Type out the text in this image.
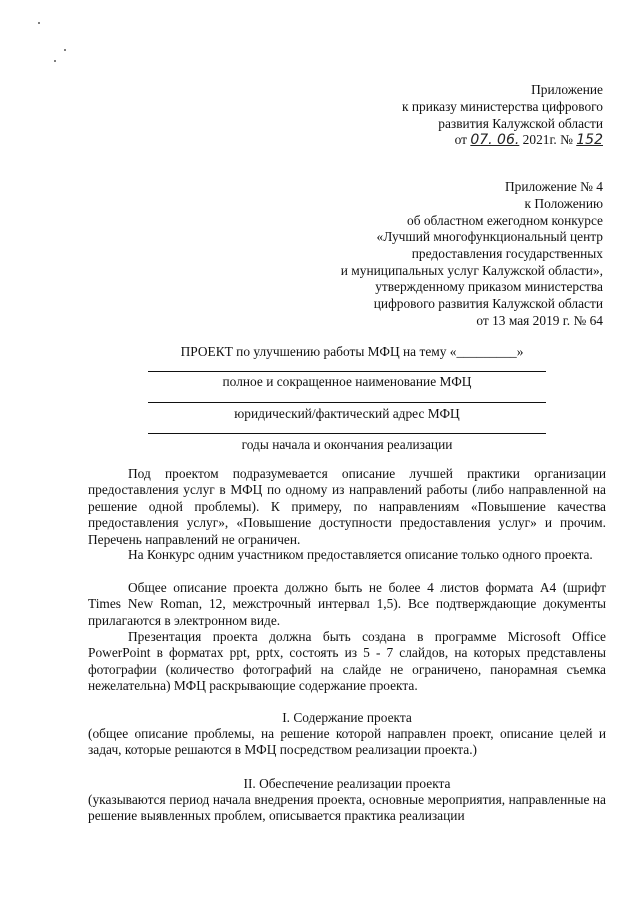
Приложение
к приказу министерства цифрового
развития Калужской области
от 07. 06. 2021г. № 152
Приложение № 4
к Положению
об областном ежегодном конкурсе
«Лучший многофункциональный центр
предоставления государственных
и муниципальных услуг Калужской области»,
утвержденному приказом министерства
цифрового развития Калужской области
от 13 мая 2019 г. № 64
ПРОЕКТ по улучшению работы МФЦ на тему «_________»
полное и сокращенное наименование МФЦ
юридический/фактический адрес МФЦ
годы начала и окончания реализации
Под проектом подразумевается описание лучшей практики организации предоставления услуг в МФЦ по одному из направлений работы (либо направленной на решение одной проблемы). К примеру, по направлениям «Повышение качества предоставления услуг», «Повышение доступности предоставления услуг» и прочим. Перечень направлений не ограничен.
На Конкурс одним участником предоставляется описание только одного проекта.
Общее описание проекта должно быть не более 4 листов формата А4 (шрифт Times New Roman, 12, межстрочный интервал 1,5). Все подтверждающие документы прилагаются в электронном виде.
Презентация проекта должна быть создана в программе Microsoft Office PowerPoint в форматах ppt, pptx, состоять из 5 - 7 слайдов, на которых представлены фотографии (количество фотографий на слайде не ограничено, панорамная съемка нежелательна) МФЦ раскрывающие содержание проекта.
I. Содержание проекта
(общее описание проблемы, на решение которой направлен проект, описание целей и задач, которые решаются в МФЦ посредством реализации проекта.)
II. Обеспечение реализации проекта
(указываются период начала внедрения проекта, основные мероприятия, направленные на решение выявленных проблем, описывается практика реализации
